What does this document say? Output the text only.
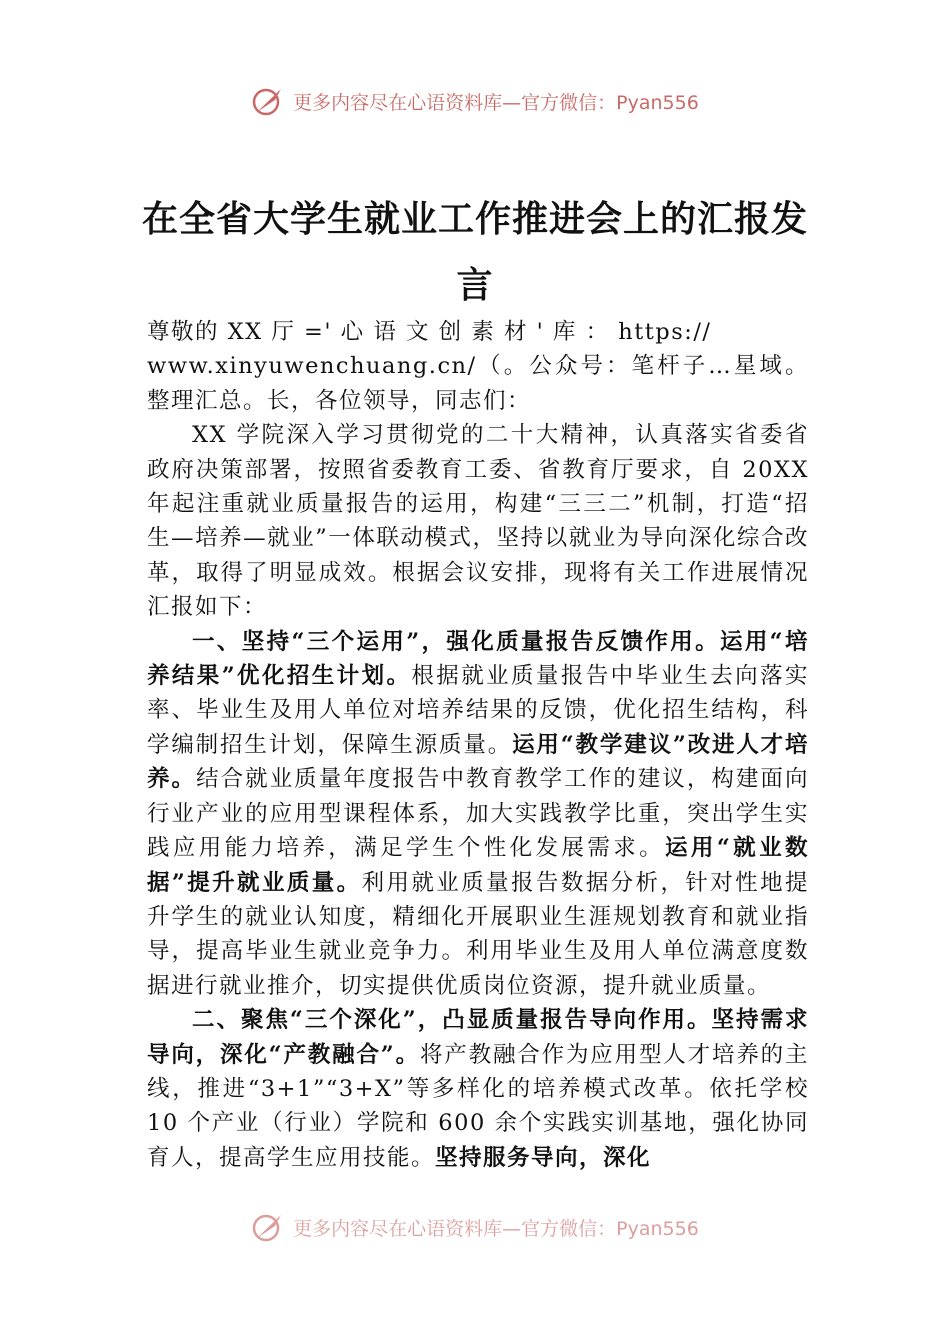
更多内容尽在心语资料库—官方微信：Pyan556
在全省大学生就业工作推进会上的汇报发言

尊敬的 XX 厅 =' 心 语 文 创 素 材 ' 库 ： https://
www.xinyuwenchuang.cn/（。公众号：笔杆子…星域。整理汇总。长，各位领导，同志们：

XX 学院深入学习贯彻党的二十大精神，认真落实省委省政府决策部署，按照省委教育工委、省教育厅要求，自 20XX 年起注重就业质量报告的运用，构建“三三二”机制，打造“招生—培养—就业”一体联动模式，坚持以就业为导向深化综合改革，取得了明显成效。根据会议安排，现将有关工作进展情况汇报如下：

一、坚持“三个运用”，强化质量报告反馈作用。运用“培养结果”优化招生计划。根据就业质量报告中毕业生去向落实率、毕业生及用人单位对培养结果的反馈，优化招生结构，科学编制招生计划，保障生源质量。运用“教学建议”改进人才培养。结合就业质量年度报告中教育教学工作的建议，构建面向行业产业的应用型课程体系，加大实践教学比重，突出学生实践应用能力培养，满足学生个性化发展需求。运用“就业数据”提升就业质量。利用就业质量报告数据分析，针对性地提升学生的就业认知度，精细化开展职业生涯规划教育和就业指导，提高毕业生就业竞争力。利用毕业生及用人单位满意度数据进行就业推介，切实提供优质岗位资源，提升就业质量。

二、聚焦“三个深化”，凸显质量报告导向作用。坚持需求导向，深化“产教融合”。将产教融合作为应用型人才培养的主线，推进“3+1”“3+X”等多样化的培养模式改革。依托学校 10 个产业（行业）学院和 600 余个实践实训基地，强化协同育人，提高学生应用技能。坚持服务导向，深化

更多内容尽在心语资料库—官方微信：Pyan556
